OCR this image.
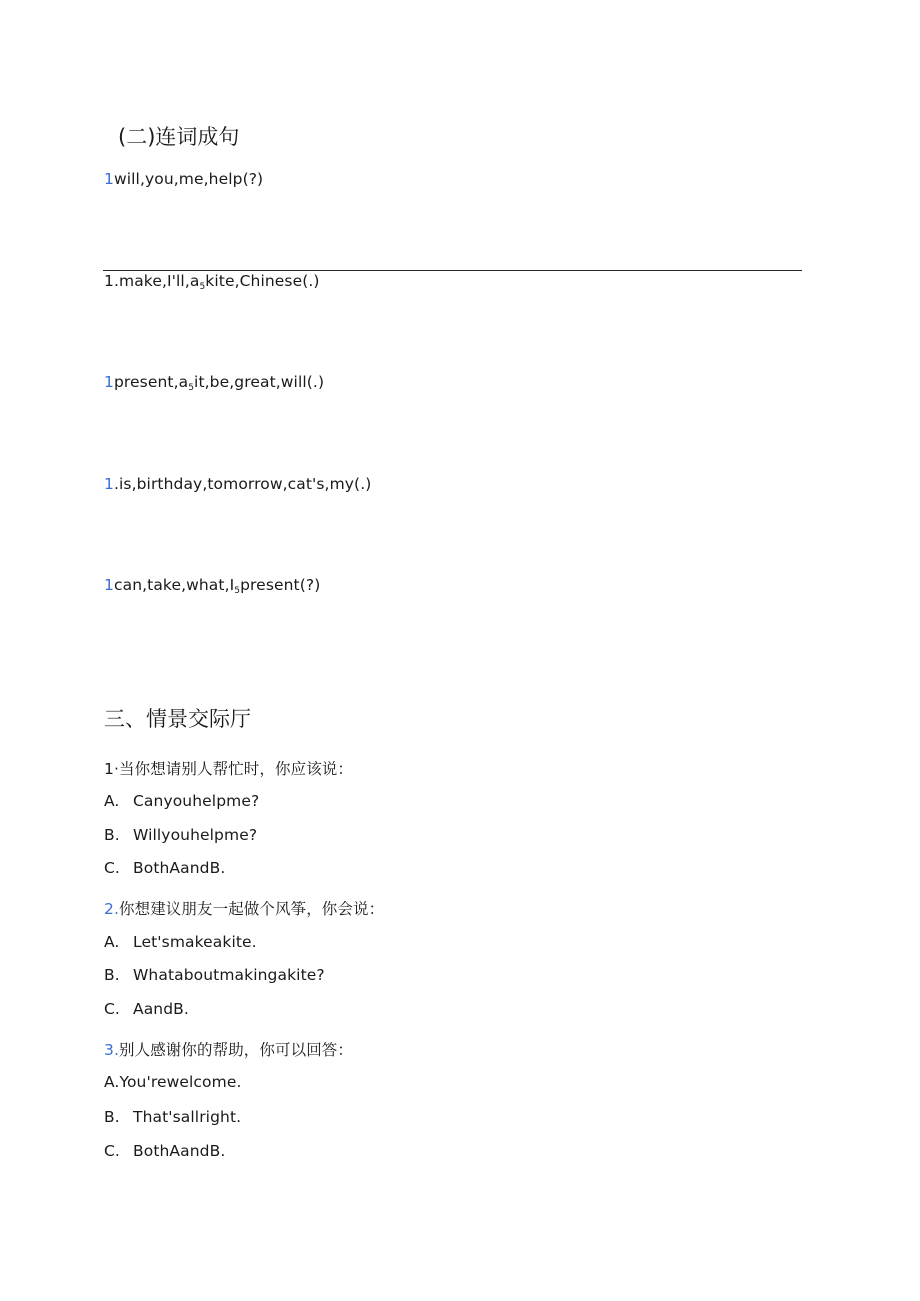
(二)连词成句
1will,you,me,help(?)
$1.make,I'll,a_5kite,Chinese(.)$
$1present,a_5it,be,great,will(.)$
1.is,birthday,tomorrow,cat's,my(.)
$1can,take,what,I_5present(?)$
三、情景交际厅
1·当你想请别人帮忙时，你应该说：
A. Canyouhelpme?
B. Willyouhelpme?
C. BothAandB.
2.你想建议朋友一起做个风筝，你会说：
A. Let'smakeakite.
B. Whataboutmakingakite?
C. AandB.
3.别人感谢你的帮助，你可以回答：
A.You'rewelcome.
B. That'sallright.
C. BothAandB.
